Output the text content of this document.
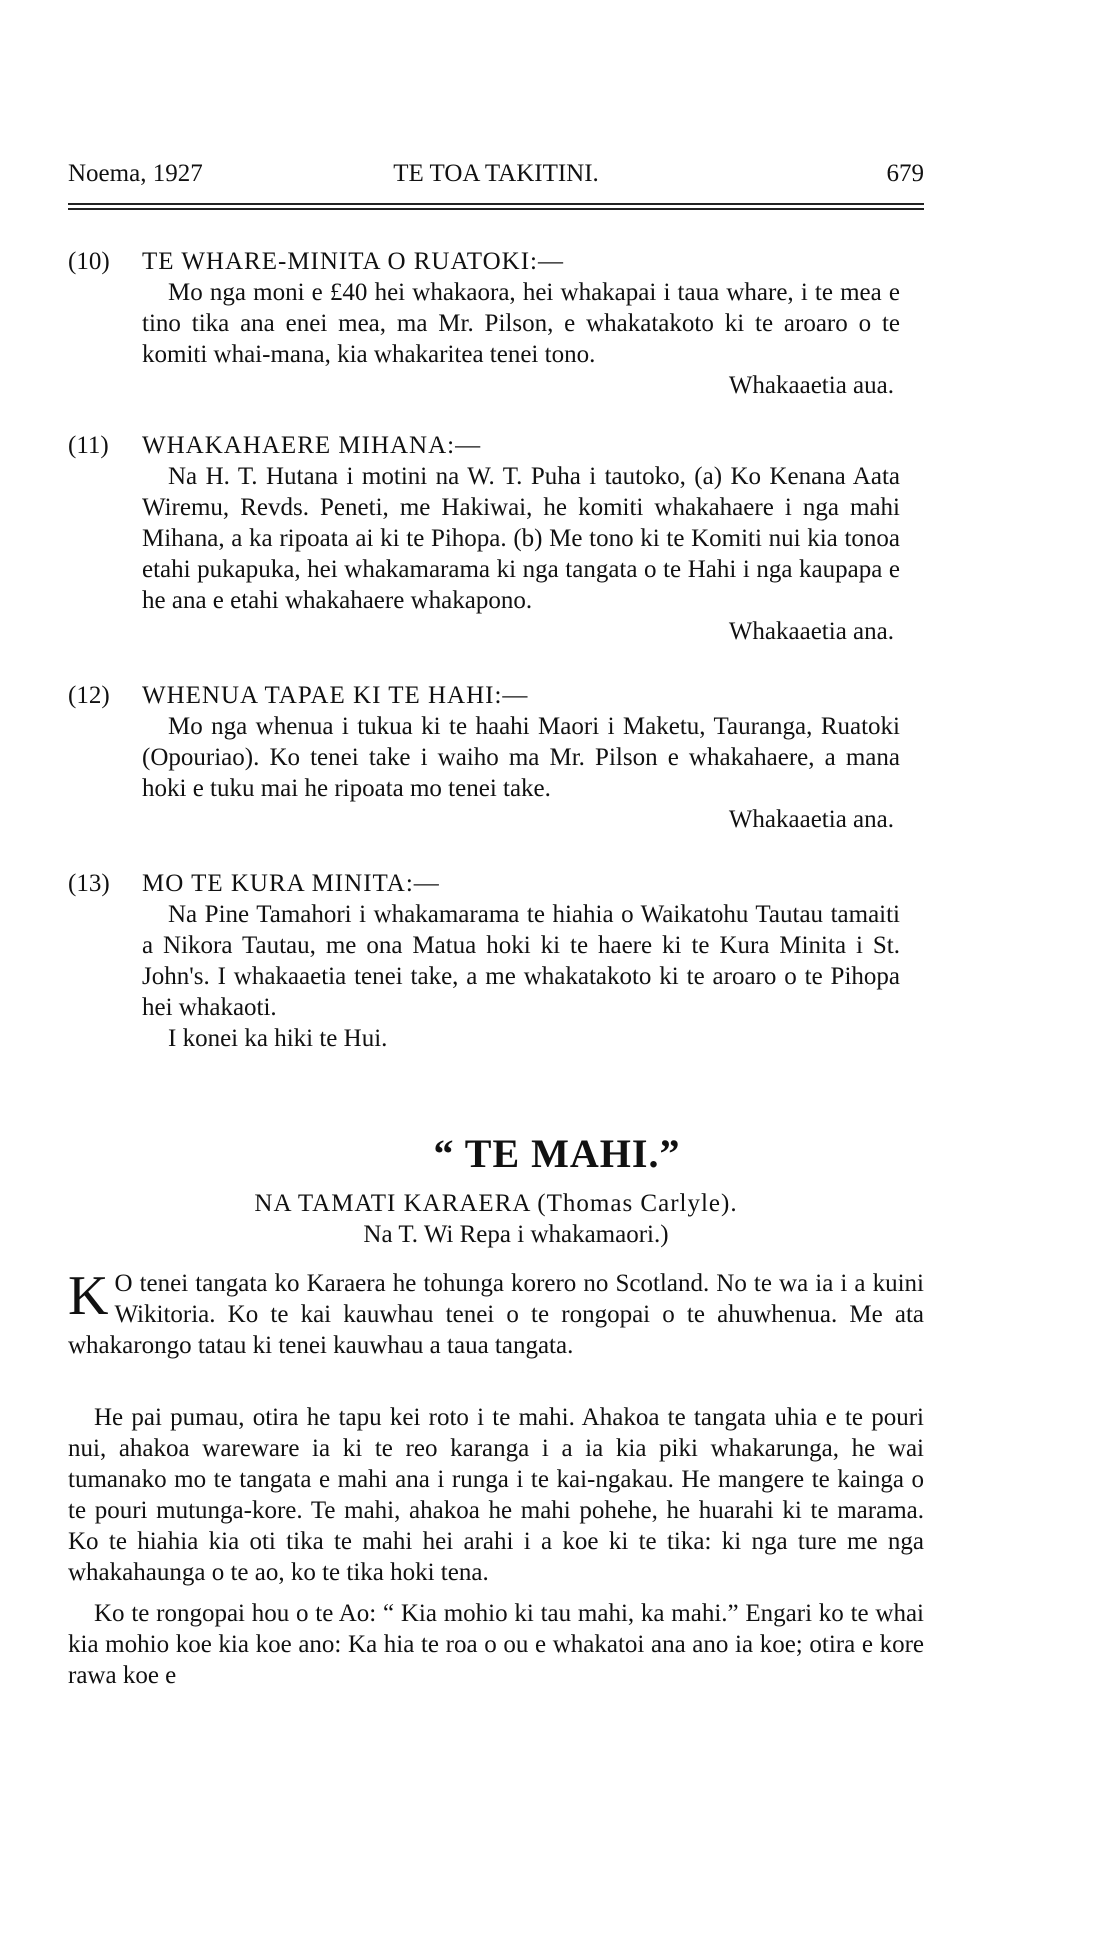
Noema, 1927	TE TOA TAKITINI.	679
(10) TE WHARE-MINITA O RUATOKI:—

Mo nga moni e £40 hei whakaora, hei whakapai i taua whare, i te mea e tino tika ana enei mea, ma Mr. Pilson, e whakatakoto ki te aroaro o te komiti whai-mana, kia whakaritea tenei tono.

Whakaaetia aua.

(11) WHAKAHAERE MIHANA:—

Na H. T. Hutana i motini na W. T. Puha i tautoko, (a) Ko Kenana Aata Wiremu, Revds. Peneti, me Hakiwai, he komiti whakahaere i nga mahi Mihana, a ka ripoata ai ki te Pihopa. (b) Me tono ki te Komiti nui kia tonoa etahi pukapuka, hei whakamarama ki nga tangata o te Hahi i nga kaupapa e he ana e etahi whakahaere whakapono.

Whakaaetia ana.

(12) WHENUA TAPAE KI TE HAHI:—

Mo nga whenua i tukua ki te haahi Maori i Maketu, Tauranga, Ruatoki (Opouriao). Ko tenei take i waiho ma Mr. Pilson e whakahaere, a mana hoki e tuku mai he ripoata mo tenei take.

Whakaaetia ana.

(13) MO TE KURA MINITA:—

Na Pine Tamahori i whakamarama te hiahia o Waikatohu Tautau tamaiti a Nikora Tautau, me ona Matua hoki ki te haere ki te Kura Minita i St. John's. I whakaaetia tenei take, a me whakatakoto ki te aroaro o te Pihopa hei whakaoti.

I konei ka hiki te Hui.

“ TE MAHI.”
NA TAMATI KARAERA (Thomas Carlyle).
Na T. Wi Repa i whakamaori.)

K O tenei tangata ko Karaera he tohunga korero no Scotland. No te wa ia i a kuini Wikitoria. Ko te kai kauwhau tenei o te rongopai o te ahuwhenua. Me ata whakarongo tatau ki tenei kauwhau a taua tangata.

He pai pumau, otira he tapu kei roto i te mahi. Ahakoa te tangata uhia e te pouri nui, ahakoa wareware ia ki te reo karanga i a ia kia piki whakarunga, he wai tumanako mo te tangata e mahi ana i runga i te kai-ngakau. He mangere te kainga o te pouri mutunga-kore. Te mahi, ahakoa he mahi pohehe, he huarahi ki te marama. Ko te hiahia kia oti tika te mahi hei arahi i a koe ki te tika: ki nga ture me nga whakahaunga o te ao, ko te tika hoki tena.

Ko te rongopai hou o te Ao: “ Kia mohio ki tau mahi, ka mahi.” Engari ko te whai kia mohio koe kia koe ano: Ka hia te roa o ou e whakatoi ana ano ia koe; otira e kore rawa koe e
